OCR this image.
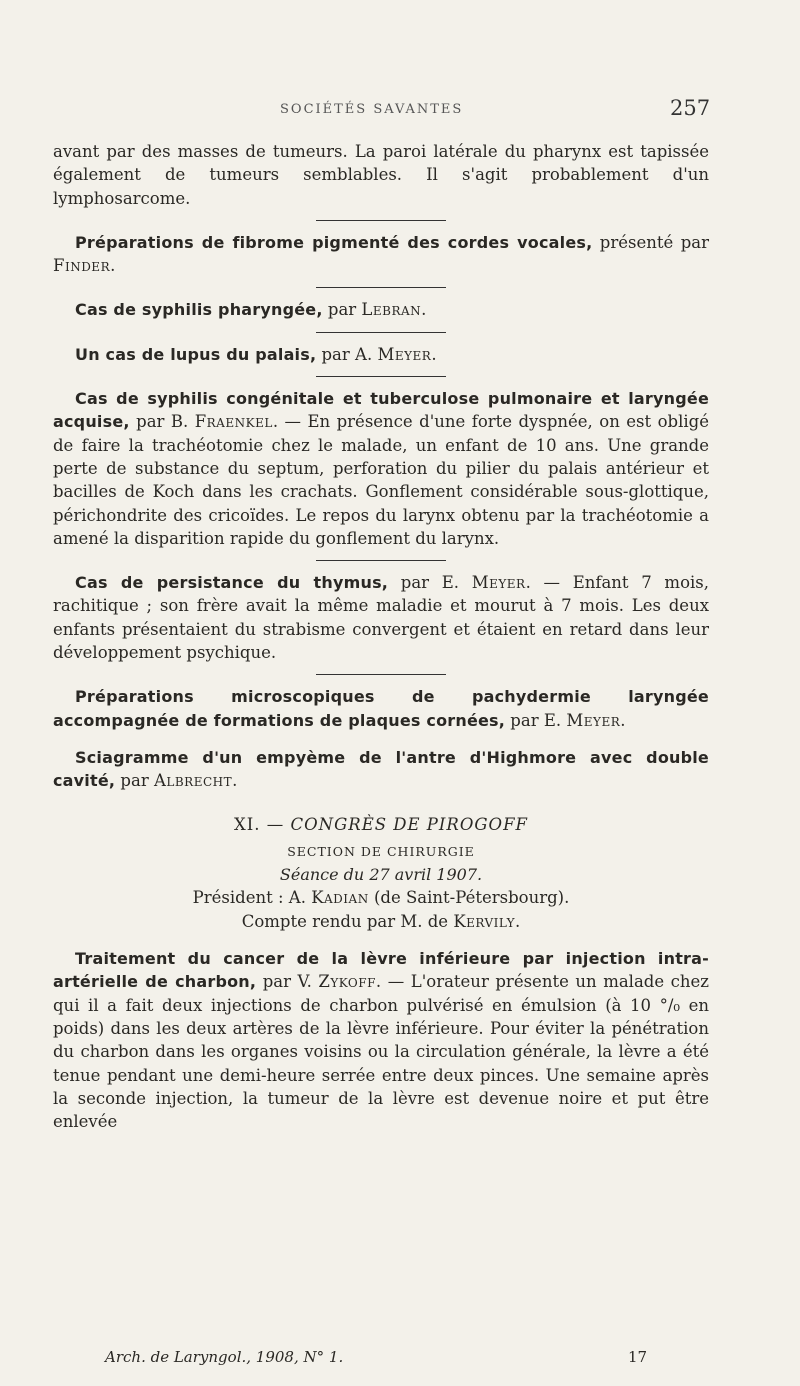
SOCIÉTÉS SAVANTES	257

avant par des masses de tumeurs. La paroi latérale du pharynx est tapissée également de tumeurs semblables. Il s'agit probablement d'un lymphosarcome.

Préparations de fibrome pigmenté des cordes vocales, présenté par Finder.

Cas de syphilis pharyngée, par Lebran.

Un cas de lupus du palais, par A. Meyer.

Cas de syphilis congénitale et tuberculose pulmonaire et laryngée acquise, par B. Fraenkel. — En présence d'une forte dyspnée, on est obligé de faire la trachéotomie chez le malade, un enfant de 10 ans. Une grande perte de substance du septum, perforation du pilier du palais antérieur et bacilles de Koch dans les crachats. Gonflement considérable sous-glottique, périchondrite des cricoïdes. Le repos du larynx obtenu par la trachéotomie a amené la disparition rapide du gonflement du larynx.

Cas de persistance du thymus, par E. Meyer. — Enfant 7 mois, rachitique ; son frère avait la même maladie et mourut à 7 mois. Les deux enfants présentaient du strabisme convergent et étaient en retard dans leur développement psychique.

Préparations microscopiques de pachydermie laryngée accompagnée de formations de plaques cornées, par E. Meyer.

Sciagramme d'un empyème de l'antre d'Highmore avec double cavité, par Albrecht.

XI. — CONGRÈS DE PIROGOFF
SECTION DE CHIRURGIE
Séance du 27 avril 1907.
Président : A. Kadian (de Saint-Pétersbourg).
Compte rendu par M. de Kervily.

Traitement du cancer de la lèvre inférieure par injection intra-artérielle de charbon, par V. Zykoff. — L'orateur présente un malade chez qui il a fait deux injections de charbon pulvérisé en émulsion (à 10 °/₀ en poids) dans les deux artères de la lèvre inférieure. Pour éviter la pénétration du charbon dans les organes voisins ou la circulation générale, la lèvre a été tenue pendant une demi-heure serrée entre deux pinces. Une semaine après la seconde injection, la tumeur de la lèvre est devenue noire et put être enlevée

Arch. de Laryngol., 1908, N° 1.	17
